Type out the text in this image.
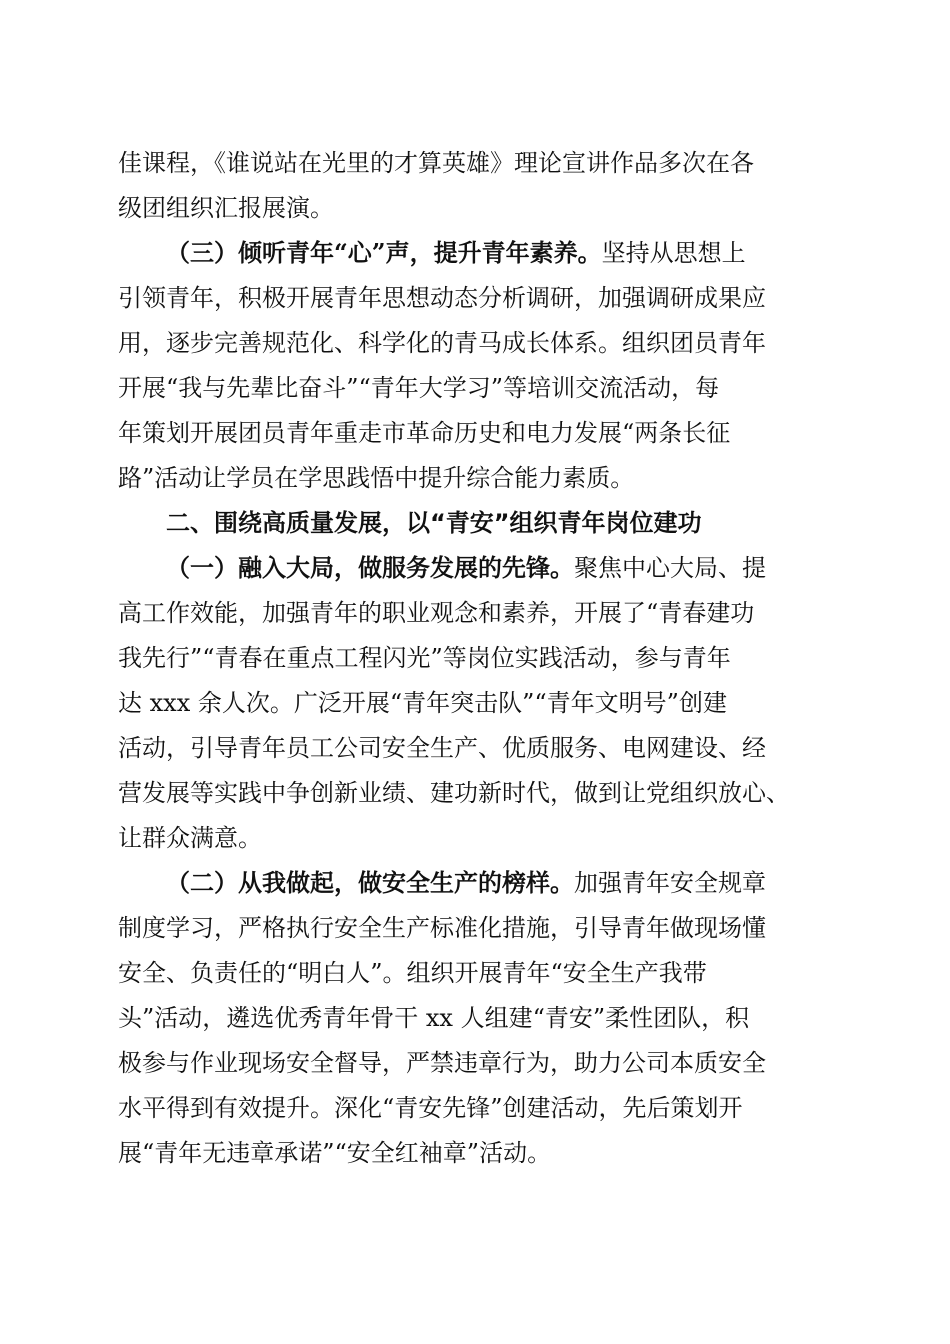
佳课程，《谁说站在光里的才算英雄》理论宣讲作品多次在各
级团组织汇报展演。
（三）倾听青年“心”声，提升青年素养。坚持从思想上
引领青年，积极开展青年思想动态分析调研，加强调研成果应
用，逐步完善规范化、科学化的青马成长体系。组织团员青年
开展“我与先辈比奋斗”“青年大学习”等培训交流活动，每
年策划开展团员青年重走市革命历史和电力发展“两条长征
路”活动让学员在学思践悟中提升综合能力素质。
二、围绕高质量发展，以“青安”组织青年岗位建功
（一）融入大局，做服务发展的先锋。聚焦中心大局、提
高工作效能，加强青年的职业观念和素养，开展了“青春建功
我先行”“青春在重点工程闪光”等岗位实践活动，参与青年
达 xxx 余人次。广泛开展“青年突击队”“青年文明号”创建
活动，引导青年员工公司安全生产、优质服务、电网建设、经
营发展等实践中争创新业绩、建功新时代，做到让党组织放心、
让群众满意。
（二）从我做起，做安全生产的榜样。加强青年安全规章
制度学习，严格执行安全生产标准化措施，引导青年做现场懂
安全、负责任的“明白人”。组织开展青年“安全生产我带
头”活动，遴选优秀青年骨干 xx 人组建“青安”柔性团队，积
极参与作业现场安全督导，严禁违章行为，助力公司本质安全
水平得到有效提升。深化“青安先锋”创建活动，先后策划开
展“青年无违章承诺”“安全红袖章”活动。
